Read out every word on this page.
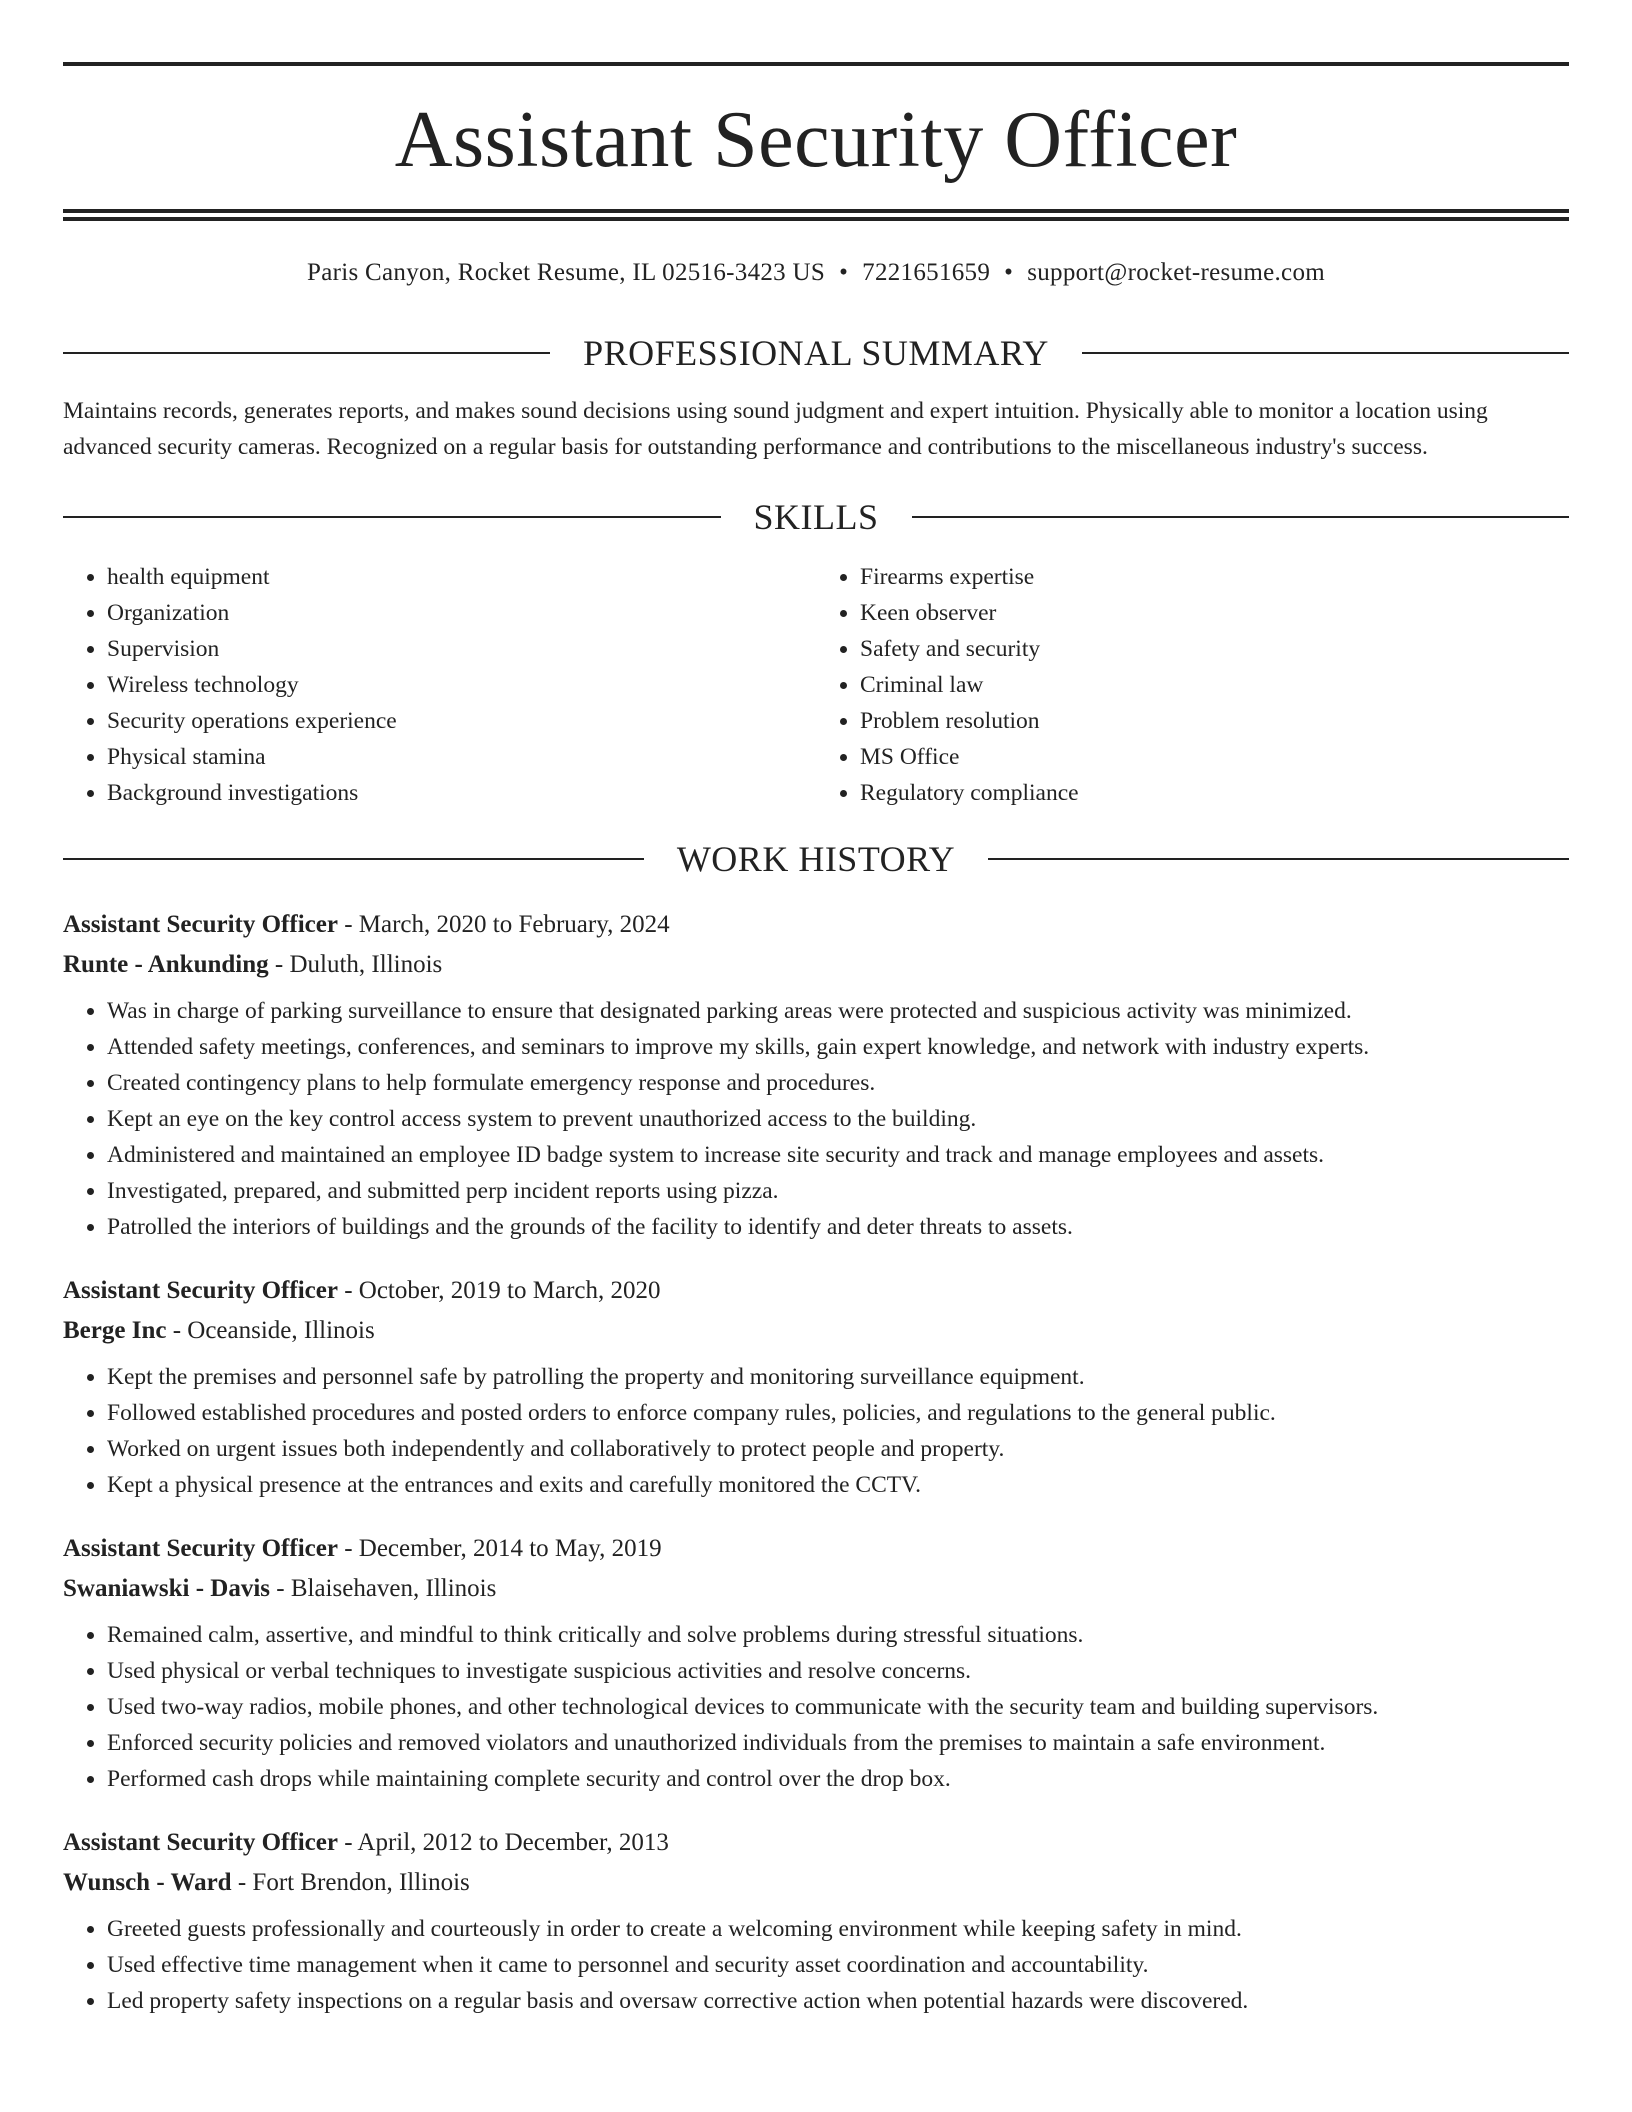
Assistant Security Officer
Paris Canyon, Rocket Resume, IL 02516-3423 US • 7221651659 • support@rocket-resume.com
PROFESSIONAL SUMMARY
Maintains records, generates reports, and makes sound decisions using sound judgment and expert intuition. Physically able to monitor a location using advanced security cameras. Recognized on a regular basis for outstanding performance and contributions to the miscellaneous industry's success.
SKILLS
• health equipment
• Organization
• Supervision
• Wireless technology
• Security operations experience
• Physical stamina
• Background investigations
• Firearms expertise
• Keen observer
• Safety and security
• Criminal law
• Problem resolution
• MS Office
• Regulatory compliance
WORK HISTORY
Assistant Security Officer - March, 2020 to February, 2024
Runte - Ankunding - Duluth, Illinois
• Was in charge of parking surveillance to ensure that designated parking areas were protected and suspicious activity was minimized.
• Attended safety meetings, conferences, and seminars to improve my skills, gain expert knowledge, and network with industry experts.
• Created contingency plans to help formulate emergency response and procedures.
• Kept an eye on the key control access system to prevent unauthorized access to the building.
• Administered and maintained an employee ID badge system to increase site security and track and manage employees and assets.
• Investigated, prepared, and submitted perp incident reports using pizza.
• Patrolled the interiors of buildings and the grounds of the facility to identify and deter threats to assets.
Assistant Security Officer - October, 2019 to March, 2020
Berge Inc - Oceanside, Illinois
• Kept the premises and personnel safe by patrolling the property and monitoring surveillance equipment.
• Followed established procedures and posted orders to enforce company rules, policies, and regulations to the general public.
• Worked on urgent issues both independently and collaboratively to protect people and property.
• Kept a physical presence at the entrances and exits and carefully monitored the CCTV.
Assistant Security Officer - December, 2014 to May, 2019
Swaniawski - Davis - Blaisehaven, Illinois
• Remained calm, assertive, and mindful to think critically and solve problems during stressful situations.
• Used physical or verbal techniques to investigate suspicious activities and resolve concerns.
• Used two-way radios, mobile phones, and other technological devices to communicate with the security team and building supervisors.
• Enforced security policies and removed violators and unauthorized individuals from the premises to maintain a safe environment.
• Performed cash drops while maintaining complete security and control over the drop box.
Assistant Security Officer - April, 2012 to December, 2013
Wunsch - Ward - Fort Brendon, Illinois
• Greeted guests professionally and courteously in order to create a welcoming environment while keeping safety in mind.
• Used effective time management when it came to personnel and security asset coordination and accountability.
• Led property safety inspections on a regular basis and oversaw corrective action when potential hazards were discovered.
